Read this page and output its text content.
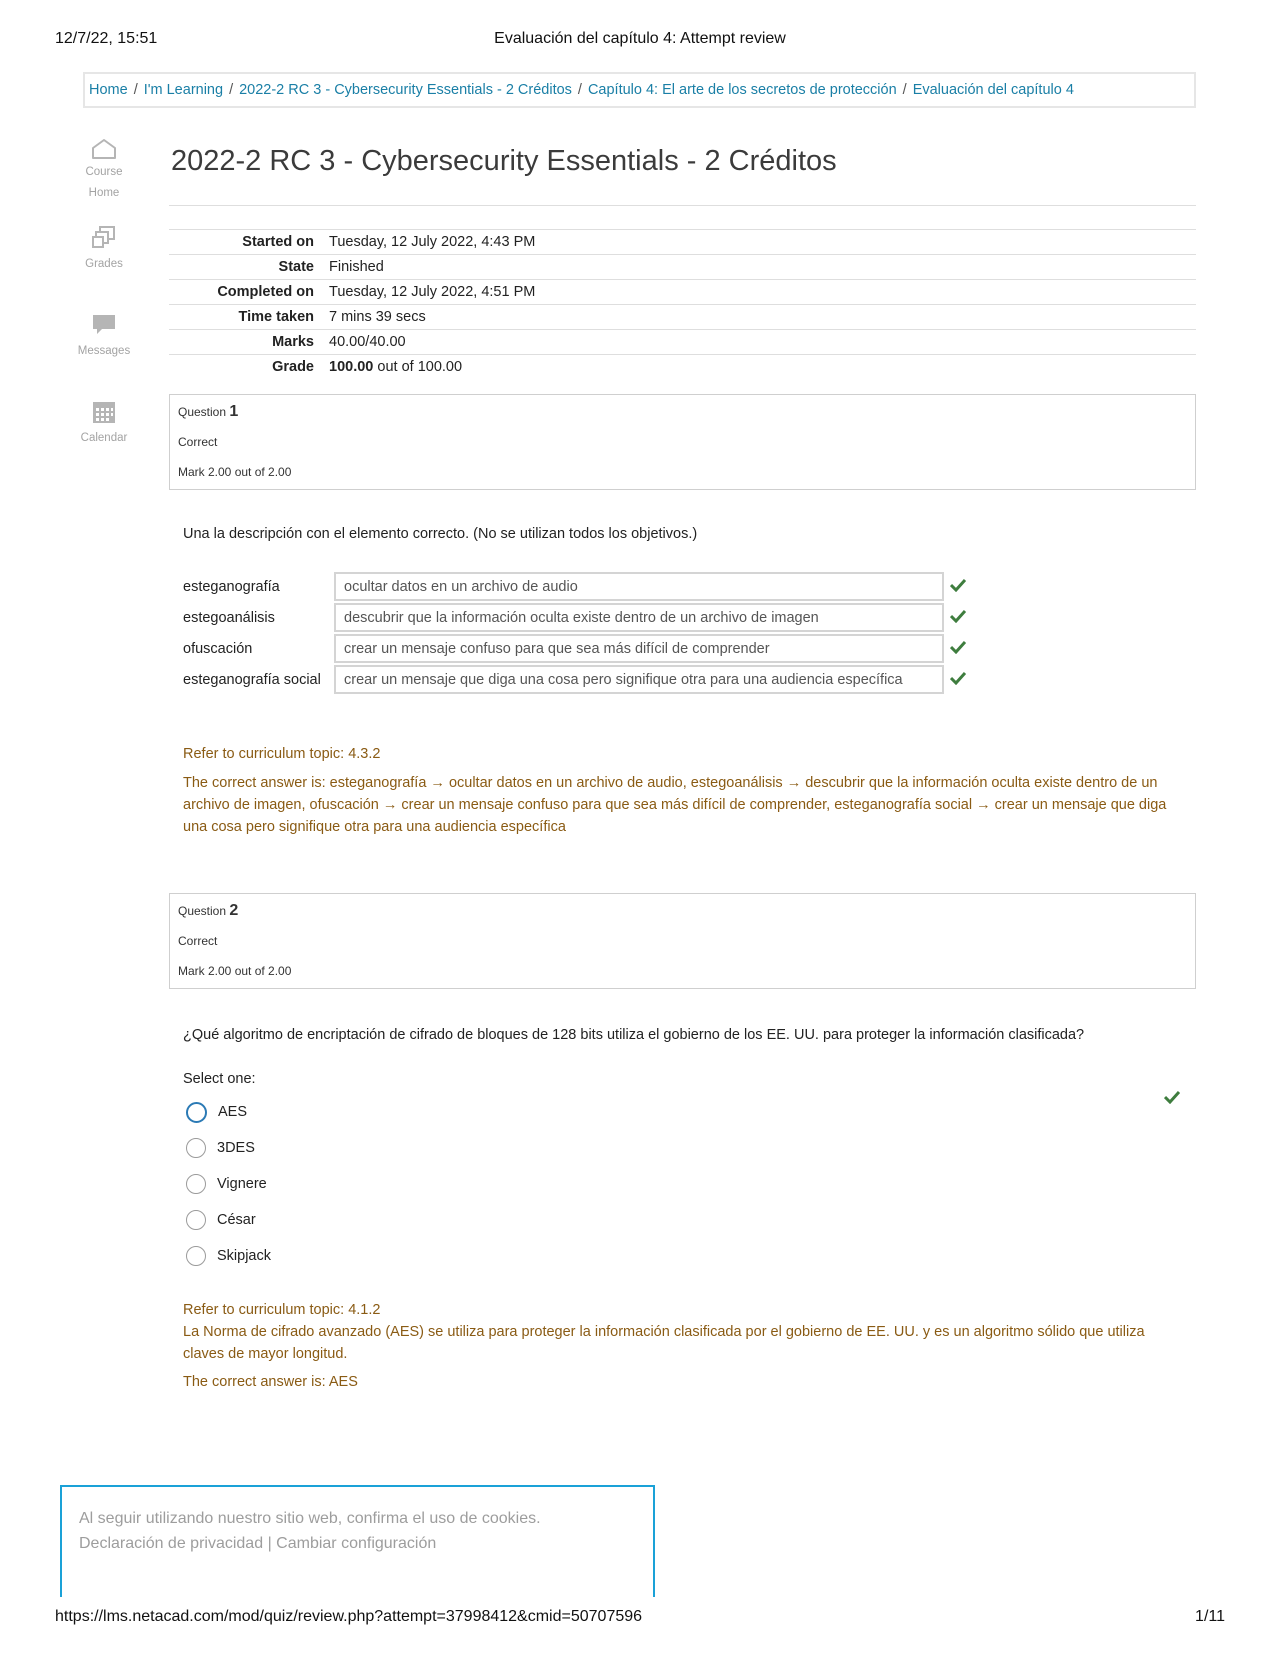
12/7/22, 15:51	Evaluación del capítulo 4: Attempt review
Home / I'm Learning / 2022-2 RC 3 - Cybersecurity Essentials - 2 Créditos / Capítulo 4: El arte de los secretos de protección / Evaluación del capítulo 4
Course
Home
Grades
Messages
Calendar
2022-2 RC 3 - Cybersecurity Essentials - 2 Créditos
Started on	Tuesday, 12 July 2022, 4:43 PM
State	Finished
Completed on	Tuesday, 12 July 2022, 4:51 PM
Time taken	7 mins 39 secs
Marks	40.00/40.00
Grade	100.00 out of 100.00
Question 1
Correct
Mark 2.00 out of 2.00
Una la descripción con el elemento correcto. (No se utilizan todos los objetivos.)
esteganografía	ocultar datos en un archivo de audio	
estegoanálisis	descubrir que la información oculta existe dentro de un archivo de imagen	
ofuscación	crear un mensaje confuso para que sea más difícil de comprender	
esteganografía social	crear un mensaje que diga una cosa pero signifique otra para una audiencia específica	
Refer to curriculum topic: 4.3.2
The correct answer is: esteganografía → ocultar datos en un archivo de audio, estegoanálisis → descubrir que la información oculta existe dentro de un archivo de imagen, ofuscación → crear un mensaje confuso para que sea más difícil de comprender, esteganografía social → crear un mensaje que diga una cosa pero signifique otra para una audiencia específica
Question 2
Correct
Mark 2.00 out of 2.00
¿Qué algoritmo de encriptación de cifrado de bloques de 128 bits utiliza el gobierno de los EE. UU. para proteger la información clasificada?
Select one:
AES
3DES
Vignere
César
Skipjack
Refer to curriculum topic: 4.1.2
La Norma de cifrado avanzado (AES) se utiliza para proteger la información clasificada por el gobierno de EE. UU. y es un algoritmo sólido que utiliza claves de mayor longitud.
The correct answer is: AES
Al seguir utilizando nuestro sitio web, confirma el uso de cookies.
Declaración de privacidad | Cambiar configuración
https://lms.netacad.com/mod/quiz/review.php?attempt=37998412&cmid=50707596	1/11
